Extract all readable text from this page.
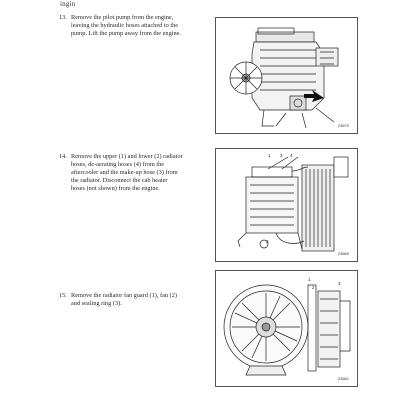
ingin
13. Remove the pilot pump from the engine,
leaving the hydraulic hoses attached to the
pump. Lift the pump away from the engine.
23670
14. Remove the upper (1) and lower (2) radiator
hoses, de-aerating hoses (4) from the
aftercooler and the make-up hose (3) from
the radiator. Disconnect the cab heater
hoses (not shown) from the engine.
1 3 4
2
23660
15. Remove the radiator fan guard (1), fan (2)
and sealing ring (3).
1
2
3
23661
